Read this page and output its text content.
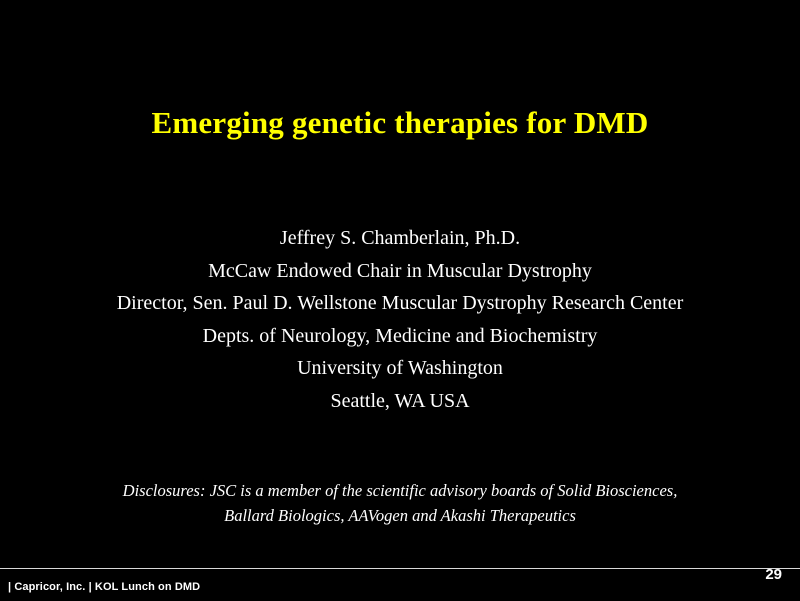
Emerging genetic therapies for DMD
Jeffrey S. Chamberlain, Ph.D.
McCaw Endowed Chair in Muscular Dystrophy
Director, Sen. Paul D. Wellstone Muscular Dystrophy Research Center
Depts. of Neurology, Medicine and Biochemistry
University of Washington
Seattle, WA USA
Disclosures: JSC is a member of the scientific advisory boards of Solid Biosciences,
Ballard Biologics, AAVogen and Akashi Therapeutics
| Capricor, Inc. | KOL Lunch on DMD
29
